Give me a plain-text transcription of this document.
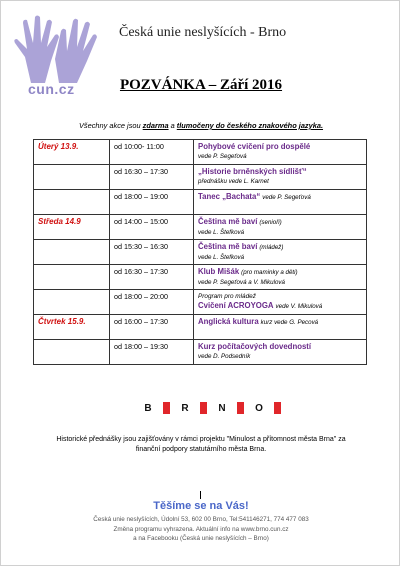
cun.cz
Česká unie neslyšících - Brno
POZVÁNKA – Září 2016
Všechny akce jsou zdarma a tlumočeny do českého znakového jazyka.
Úterý 13.9.	od 10:00- 11:00	Pohybové cvičení pro dospělé
vede P. Segeťová

	od 16:30 – 17:30	„Historie brněnských sídlišť“
přednášku vede L. Karnet

	od 18:00 – 19:00	Tanec „Bachata“ vede P. Segeťová

Středa 14.9	od 14:00 – 15:00	Čeština mě baví (senioři)
vede L. Štefková

	od 15:30 – 16:30	Čeština mě baví (mládež)
vede L. Štefková

	od 16:30 – 17:30	Klub Mišák (pro maminky a děti)
vede P. Segeťová a V. Mikulová

	od 18:00 – 20:00	Program pro mládež
Cvičení ACROYOGA vede V. Mikulová

Čtvrtek 15.9.	od 16:00 – 17:30	Anglická kultura kurz vede G. Pecová

	od 18:00 – 19:30	Kurz počítačových dovedností
vede D. Podsedník
B	R	N	O
Historické přednášky jsou zajišťovány v rámci projektu "Minulost a přítomnost města Brna" za finanční podpory statutárního města Brna.
Těšíme se na Vás!
Česká unie neslyšících, Údolní 53, 602 00 Brno, Tel:541146271, 774 477 083
Změna programu vyhrazena. Aktuální info na www.brno.cun.cz
a na Facebooku (Česká unie neslyšících – Brno)
